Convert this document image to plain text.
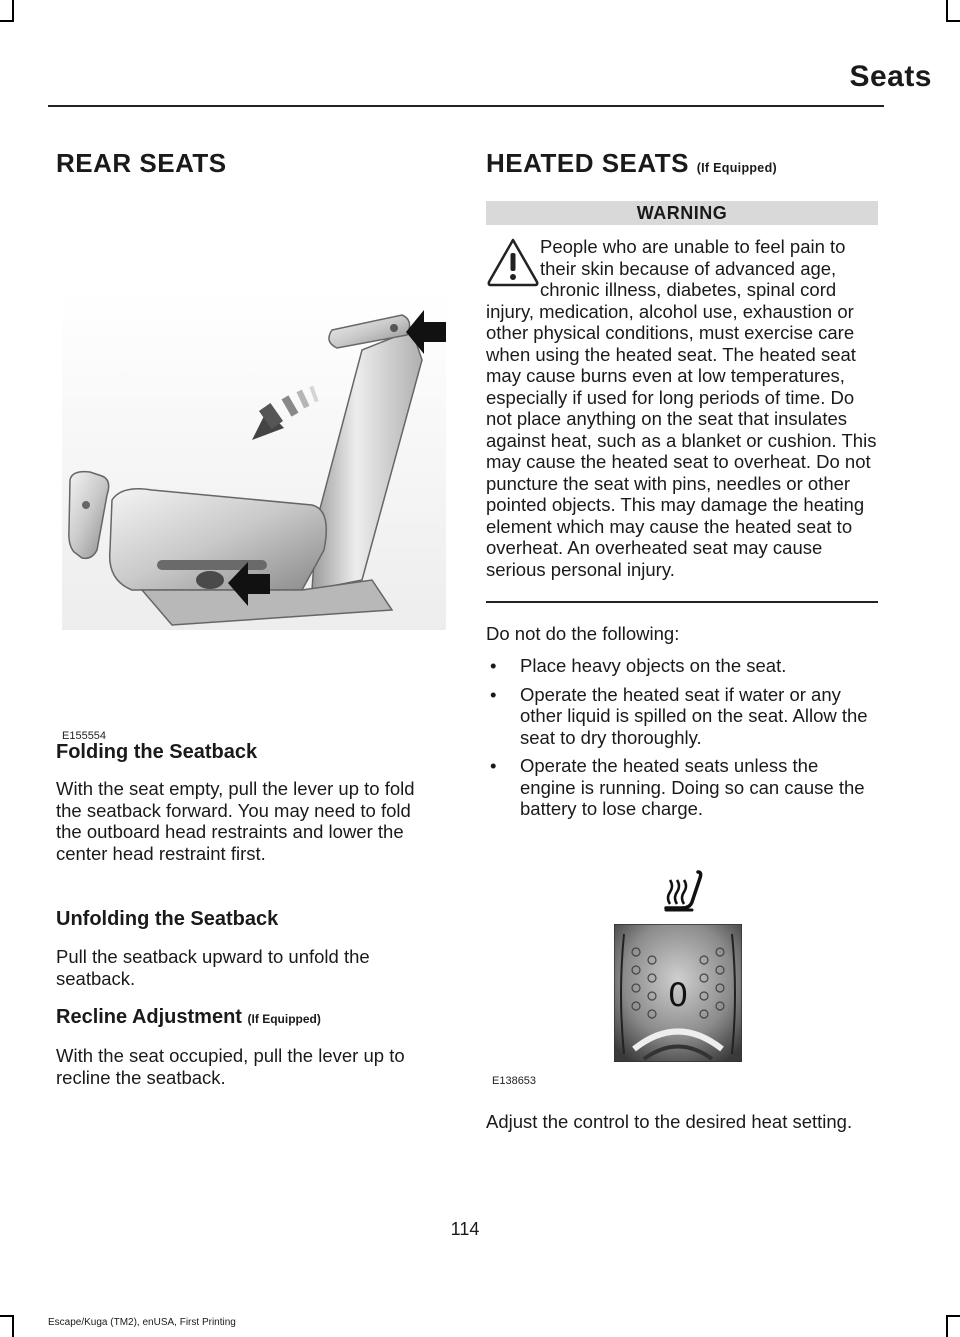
Seats
REAR SEATS
E155554
Folding the Seatback

With the seat empty, pull the lever up to fold the seatback forward. You may need to fold the outboard head restraints and lower the center head restraint first.

Unfolding the Seatback

Pull the seatback upward to unfold the seatback.

Recline Adjustment (If Equipped)

With the seat occupied, pull the lever up to recline the seatback.

HEATED SEATS (If Equipped)
WARNING
People who are unable to feel pain to their skin because of advanced age, chronic illness, diabetes, spinal cord injury, medication, alcohol use, exhaustion or other physical conditions, must exercise care when using the heated seat. The heated seat may cause burns even at low temperatures, especially if used for long periods of time. Do not place anything on the seat that insulates against heat, such as a blanket or cushion. This may cause the heated seat to overheat. Do not puncture the seat with pins, needles or other pointed objects. This may damage the heating element which may cause the heated seat to overheat. An overheated seat may cause serious personal injury.

Do not do the following:

• Place heavy objects on the seat.
• Operate the heated seat if water or any other liquid is spilled on the seat. Allow the seat to dry thoroughly.
• Operate the heated seats unless the engine is running. Doing so can cause the battery to lose charge.
0
E138653

Adjust the control to the desired heat setting.

114
Escape/Kuga (TM2), enUSA, First Printing
